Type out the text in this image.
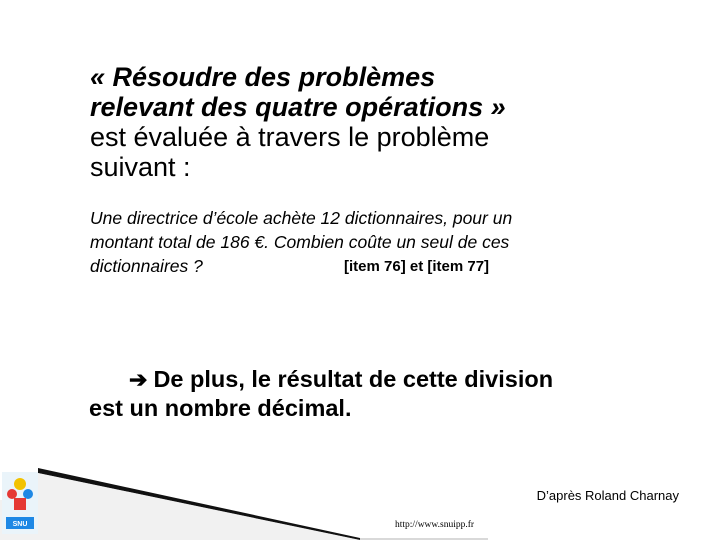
« Résoudre des problèmes
relevant des quatre opérations »
est évaluée à travers le problème
suivant :
Une directrice d’école achète 12 dictionnaires, pour un
montant total de 186 €. Combien coûte un seul de ces
dictionnaires ?	[item 76] et [item 77]
➔ De plus, le résultat de cette division
est un nombre décimal.
SNU
D’après Roland Charnay
http://www.snuipp.fr
